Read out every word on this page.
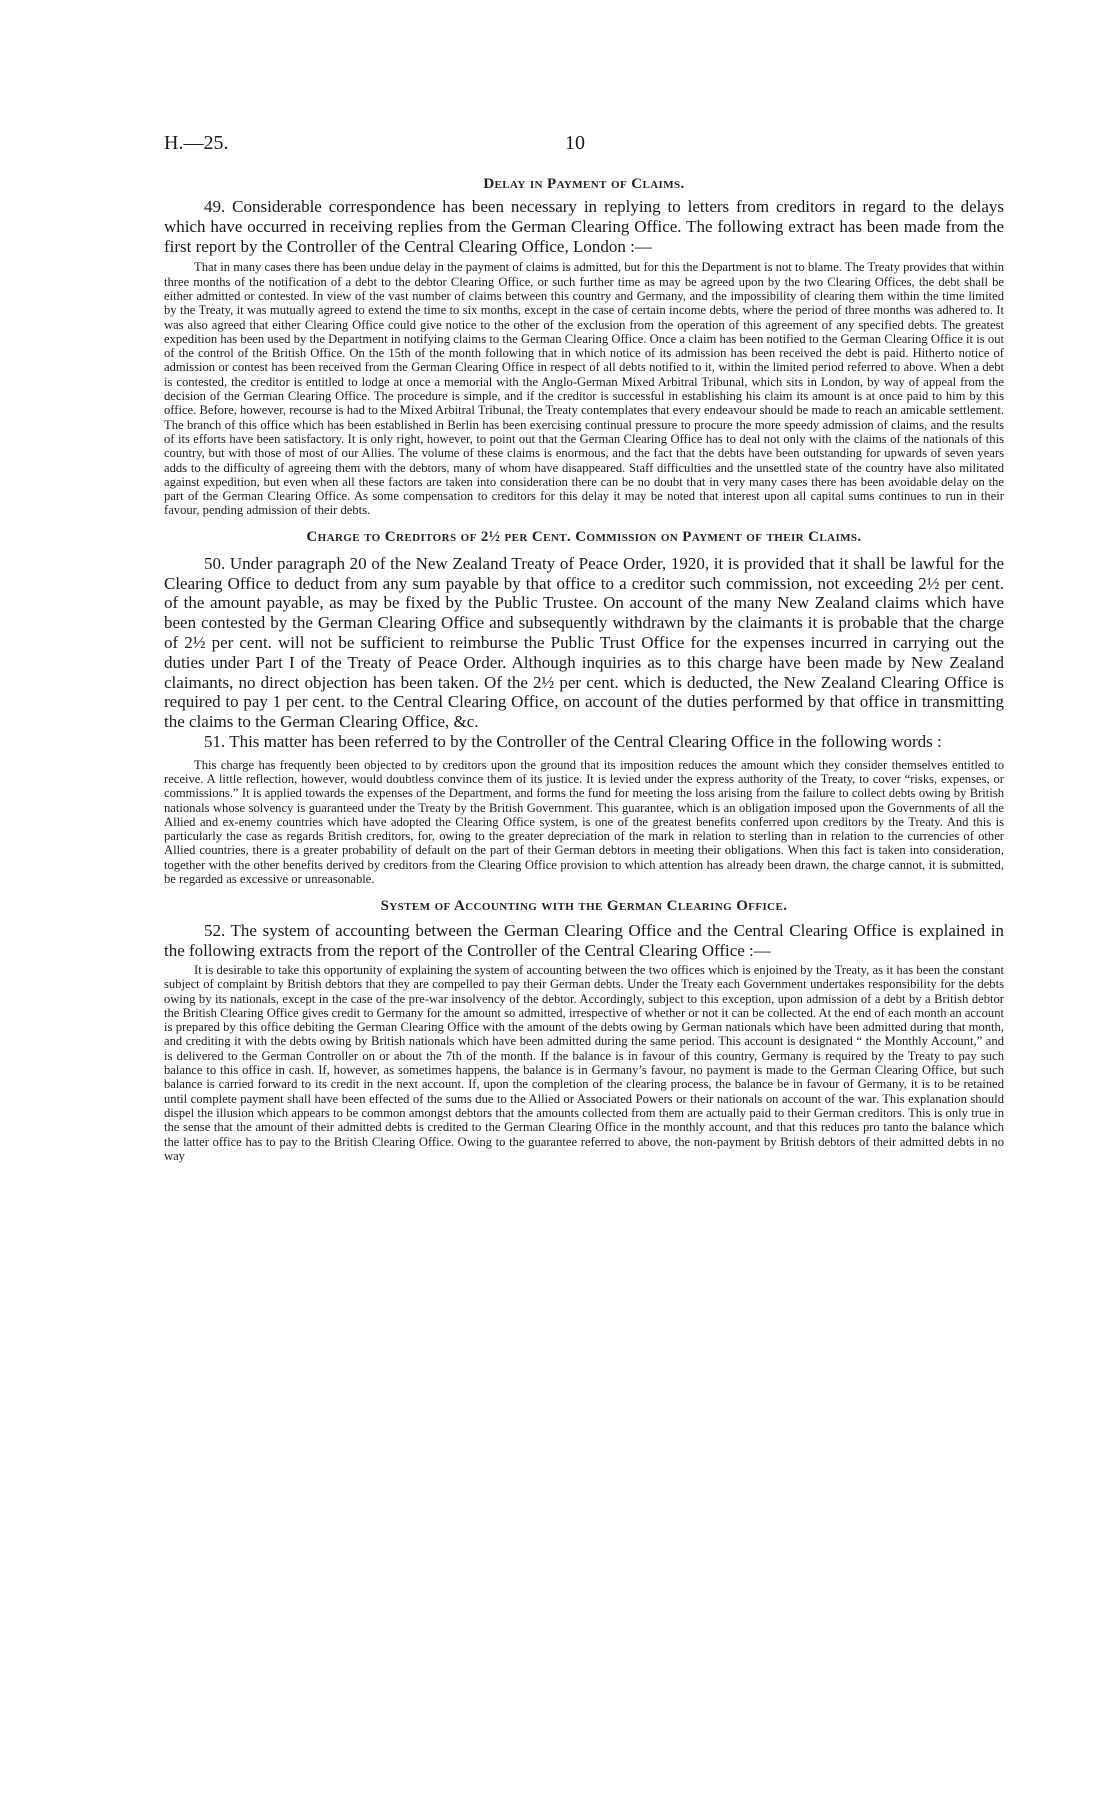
H.—25.	10
Delay in Payment of Claims.

49. Considerable correspondence has been necessary in replying to letters from creditors in regard to the delays which have occurred in receiving replies from the German Clearing Office. The following extract has been made from the first report by the Controller of the Central Clearing Office, London :—

That in many cases there has been undue delay in the payment of claims is admitted, but for this the Department is not to blame. The Treaty provides that within three months of the notification of a debt to the debtor Clearing Office, or such further time as may be agreed upon by the two Clearing Offices, the debt shall be either admitted or contested. In view of the vast number of claims between this country and Germany, and the impossibility of clearing them within the time limited by the Treaty, it was mutually agreed to extend the time to six months, except in the case of certain income debts, where the period of three months was adhered to. It was also agreed that either Clearing Office could give notice to the other of the exclusion from the operation of this agreement of any specified debts. The greatest expedition has been used by the Department in notifying claims to the German Clearing Office. Once a claim has been notified to the German Clearing Office it is out of the control of the British Office. On the 15th of the month following that in which notice of its admission has been received the debt is paid. Hitherto notice of admission or contest has been received from the German Clearing Office in respect of all debts notified to it, within the limited period referred to above. When a debt is contested, the creditor is entitled to lodge at once a memorial with the Anglo-German Mixed Arbitral Tribunal, which sits in London, by way of appeal from the decision of the German Clearing Office. The procedure is simple, and if the creditor is successful in establishing his claim its amount is at once paid to him by this office. Before, however, recourse is had to the Mixed Arbitral Tribunal, the Treaty contemplates that every endeavour should be made to reach an amicable settlement. The branch of this office which has been established in Berlin has been exercising continual pressure to procure the more speedy admission of claims, and the results of its efforts have been satisfactory. It is only right, however, to point out that the German Clearing Office has to deal not only with the claims of the nationals of this country, but with those of most of our Allies. The volume of these claims is enormous, and the fact that the debts have been outstanding for upwards of seven years adds to the difficulty of agreeing them with the debtors, many of whom have disappeared. Staff difficulties and the unsettled state of the country have also militated against expedition, but even when all these factors are taken into consideration there can be no doubt that in very many cases there has been avoidable delay on the part of the German Clearing Office. As some compensation to creditors for this delay it may be noted that interest upon all capital sums continues to run in their favour, pending admission of their debts.

Charge to Creditors of 2½ per Cent. Commission on Payment of their Claims.

50. Under paragraph 20 of the New Zealand Treaty of Peace Order, 1920, it is provided that it shall be lawful for the Clearing Office to deduct from any sum payable by that office to a creditor such commission, not exceeding 2½ per cent. of the amount payable, as may be fixed by the Public Trustee. On account of the many New Zealand claims which have been contested by the German Clearing Office and subsequently withdrawn by the claimants it is probable that the charge of 2½ per cent. will not be sufficient to reimburse the Public Trust Office for the expenses incurred in carrying out the duties under Part I of the Treaty of Peace Order. Although inquiries as to this charge have been made by New Zealand claimants, no direct objection has been taken. Of the 2½ per cent. which is deducted, the New Zealand Clearing Office is required to pay 1 per cent. to the Central Clearing Office, on account of the duties performed by that office in transmitting the claims to the German Clearing Office, &c.

51. This matter has been referred to by the Controller of the Central Clearing Office in the following words :

This charge has frequently been objected to by creditors upon the ground that its imposition reduces the amount which they consider themselves entitled to receive. A little reflection, however, would doubtless convince them of its justice. It is levied under the express authority of the Treaty, to cover “risks, expenses, or commissions.” It is applied towards the expenses of the Department, and forms the fund for meeting the loss arising from the failure to collect debts owing by British nationals whose solvency is guaranteed under the Treaty by the British Government. This guarantee, which is an obligation imposed upon the Governments of all the Allied and ex-enemy countries which have adopted the Clearing Office system, is one of the greatest benefits conferred upon creditors by the Treaty. And this is particularly the case as regards British creditors, for, owing to the greater depreciation of the mark in relation to sterling than in relation to the currencies of other Allied countries, there is a greater probability of default on the part of their German debtors in meeting their obligations. When this fact is taken into consideration, together with the other benefits derived by creditors from the Clearing Office provision to which attention has already been drawn, the charge cannot, it is submitted, be regarded as excessive or unreasonable.

System of Accounting with the German Clearing Office.

52. The system of accounting between the German Clearing Office and the Central Clearing Office is explained in the following extracts from the report of the Controller of the Central Clearing Office :—

It is desirable to take this opportunity of explaining the system of accounting between the two offices which is enjoined by the Treaty, as it has been the constant subject of complaint by British debtors that they are compelled to pay their German debts. Under the Treaty each Government undertakes responsibility for the debts owing by its nationals, except in the case of the pre-war insolvency of the debtor. Accordingly, subject to this exception, upon admission of a debt by a British debtor the British Clearing Office gives credit to Germany for the amount so admitted, irrespective of whether or not it can be collected. At the end of each month an account is prepared by this office debiting the German Clearing Office with the amount of the debts owing by German nationals which have been admitted during that month, and crediting it with the debts owing by British nationals which have been admitted during the same period. This account is designated “ the Monthly Account,” and is delivered to the German Controller on or about the 7th of the month. If the balance is in favour of this country, Germany is required by the Treaty to pay such balance to this office in cash. If, however, as sometimes happens, the balance is in Germany’s favour, no payment is made to the German Clearing Office, but such balance is carried forward to its credit in the next account. If, upon the completion of the clearing process, the balance be in favour of Germany, it is to be retained until complete payment shall have been effected of the sums due to the Allied or Associated Powers or their nationals on account of the war. This explanation should dispel the illusion which appears to be common amongst debtors that the amounts collected from them are actually paid to their German creditors. This is only true in the sense that the amount of their admitted debts is credited to the German Clearing Office in the monthly account, and that this reduces pro tanto the balance which the latter office has to pay to the British Clearing Office. Owing to the guarantee referred to above, the non-payment by British debtors of their admitted debts in no way
